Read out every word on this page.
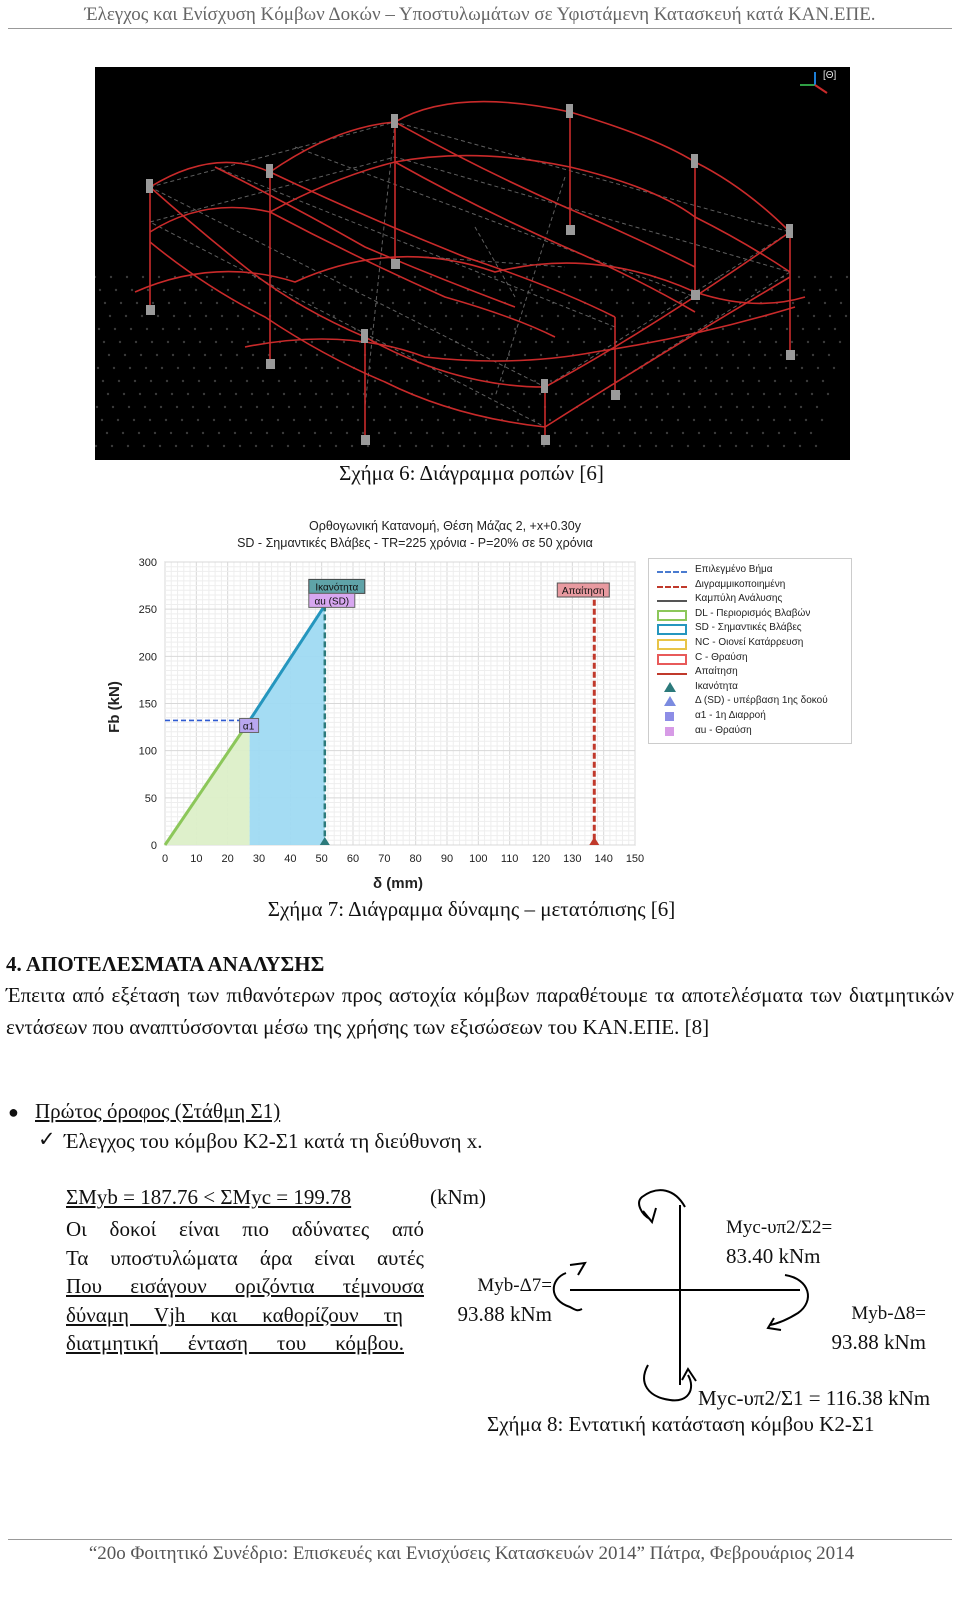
Έλεγχος και Ενίσχυση Κόμβων Δοκών – Υποστυλωμάτων σε Υφιστάμενη Κατασκευή κατά ΚΑΝ.ΕΠΕ.
[Θ]
Σχήμα 6: Διάγραμμα ροπών [6]
Ορθογωνική Κατανομή, Θέση Μάζας 2, +x+0.30y
SD - Σημαντικές Βλάβες - TR=225 χρόνια - P=20% σε 50 χρόνια
α1
Ικανότητα
αu (SD)
Απαίτηση
0 10 20 30 40 50 60 70 80 90 100 110 120 130 140 150
0
50
100
150
200
250
300
δ (mm)
Fb (kN)
Επιλεγμένο Βήμα
Διγραμμικοποιημένη
Καμπύλη Ανάλυσης
DL - Περιορισμός Βλαβών
SD - Σημαντικές Βλάβες
NC - Οιονεί Κατάρρευση
C - Θραύση
Απαίτηση
Ικανότητα
Δ (SD) - υπέρβαση 1ης δοκού
α1 - 1η Διαρροή
αu - Θραύση
Σχήμα 7: Διάγραμμα δύναμης – μετατόπισης [6]
4. ΑΠΟΤΕΛΕΣΜΑΤΑ ΑΝΑΛΥΣΗΣ
Έπειτα από εξέταση των πιθανότερων προς αστοχία κόμβων παραθέτουμε τα αποτελέσματα των διατμητικών εντάσεων που αναπτύσσονται μέσω της χρήσης των εξισώσεων του ΚΑΝ.ΕΠΕ. [8]
● Πρώτος όροφος (Στάθμη Σ1)
✓ Έλεγχος του κόμβου Κ2-Σ1 κατά τη διεύθυνση x.
ΣMyb = 187.76 < ΣMyc = 199.78	(kNm)
Οι δοκοί είναι πιο αδύνατες από
Τα υποστυλώματα άρα είναι αυτές
Που εισάγουν οριζόντια τέμνουσα
δύναμη Vjh και καθορίζουν τη
διατμητική ένταση του κόμβου.
Myc-υπ2/Σ2=
83.40 kNm
Myb-Δ7=
93.88 kNm	Myb-Δ8=
93.88 kNm
Myc-υπ2/Σ1 = 116.38 kNm
Σχήμα 8: Εντατική κατάσταση κόμβου Κ2-Σ1
“20ο Φοιτητικό Συνέδριο: Επισκευές και Ενισχύσεις Κατασκευών 2014” Πάτρα, Φεβρουάριος 2014
